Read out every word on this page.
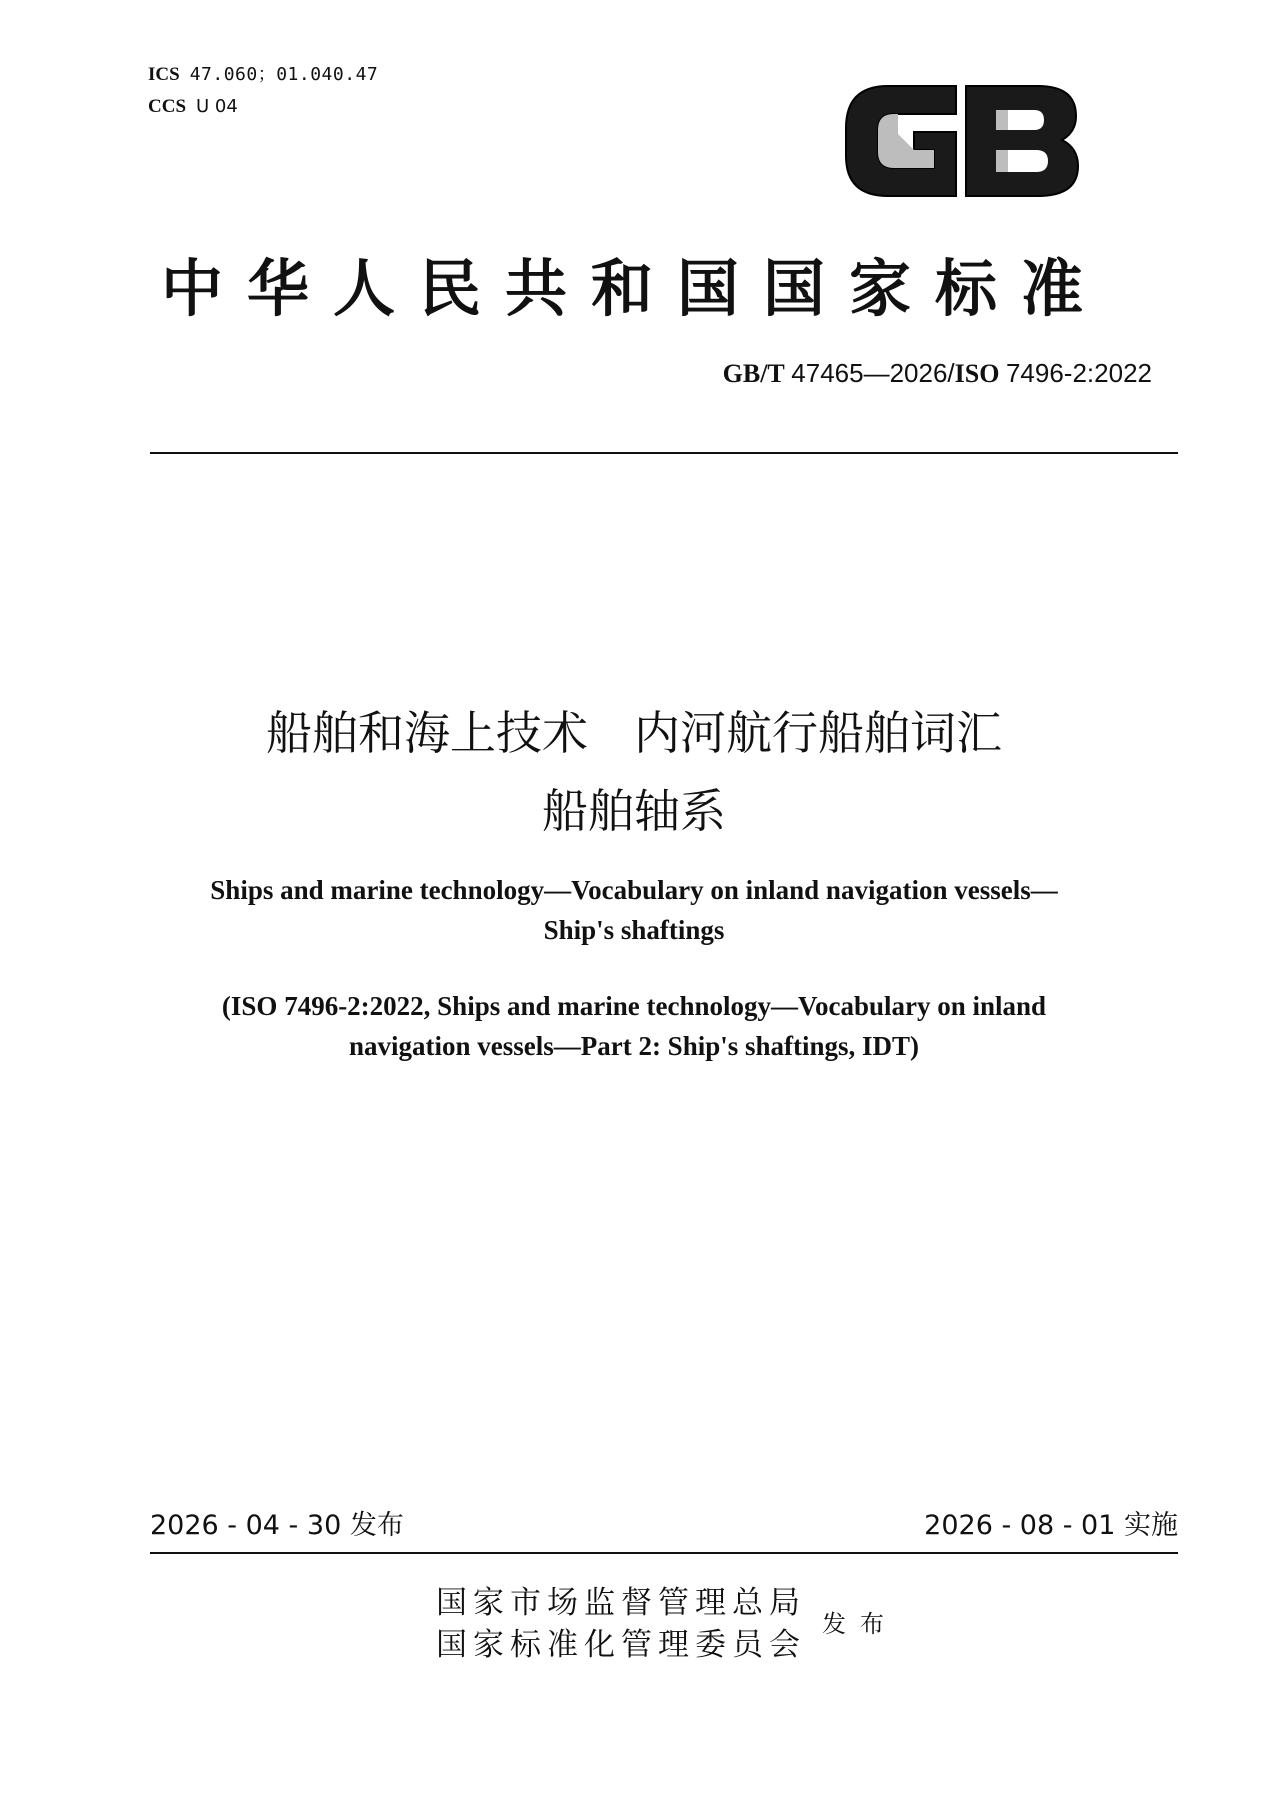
ICS 47.060；01.040.47
CCS U 04
中华人民共和国国家标准
GB/T 47465—2026/ISO 7496-2:2022
船舶和海上技术　内河航行船舶词汇
船舶轴系
Ships and marine technology—Vocabulary on inland navigation vessels—
Ship's shaftings
(ISO 7496-2:2022, Ships and marine technology—Vocabulary on inland
navigation vessels—Part 2: Ship's shaftings, IDT)
2026 - 04 - 30 发布	2026 - 08 - 01 实施
国家市场监督管理总局
国家标准化管理委员会
发布
